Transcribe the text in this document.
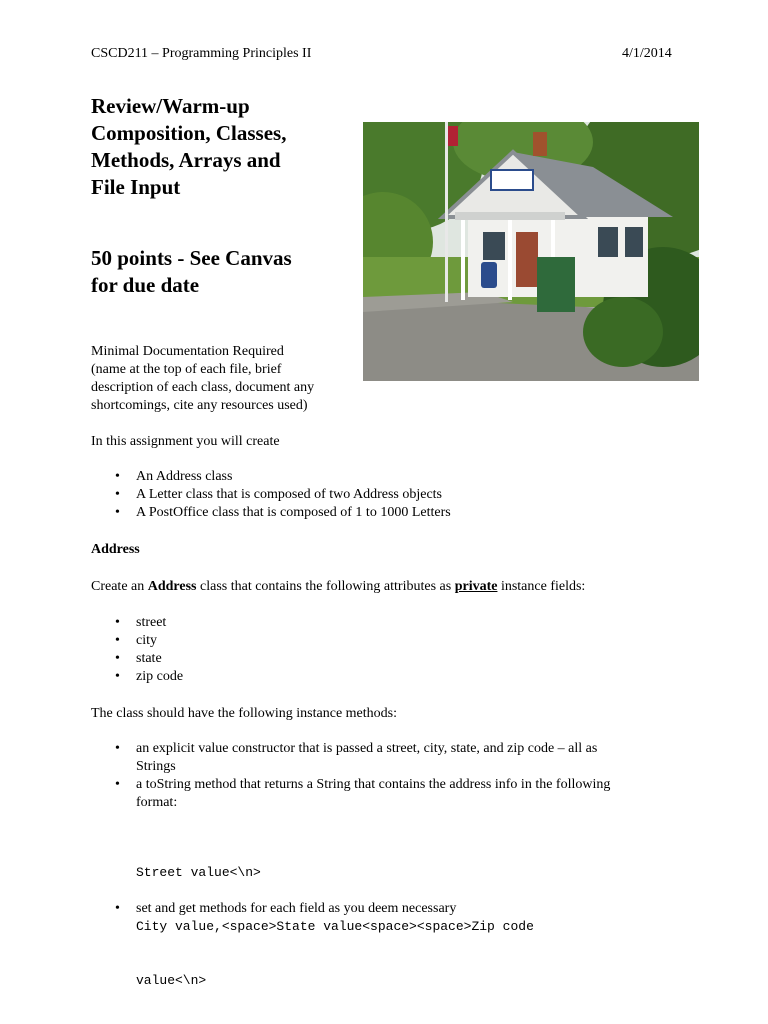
CSCD211 – Programming Principles II	4/1/2014
Review/Warm-up
Composition, Classes,
Methods, Arrays and
File Input
50 points - See Canvas
for due date
Minimal Documentation Required
(name at the top of each file, brief
description of each class, document any
shortcomings, cite any resources used)
In this assignment you will create
• An Address class
• A Letter class that is composed of two Address objects
• A PostOffice class that is composed of 1 to 1000 Letters
Address
Create an Address class that contains the following attributes as private instance fields:
• street
• city
• state
• zip code
The class should have the following instance methods:
• an explicit value constructor that is passed a street, city, state, and zip code – all as
Strings
• a toString method that returns a String that contains the address info in the following
format:

Street value<\n>

City value,<space>State value<space><space>Zip code

value<\n>

• set and get methods for each field as you deem necessary
